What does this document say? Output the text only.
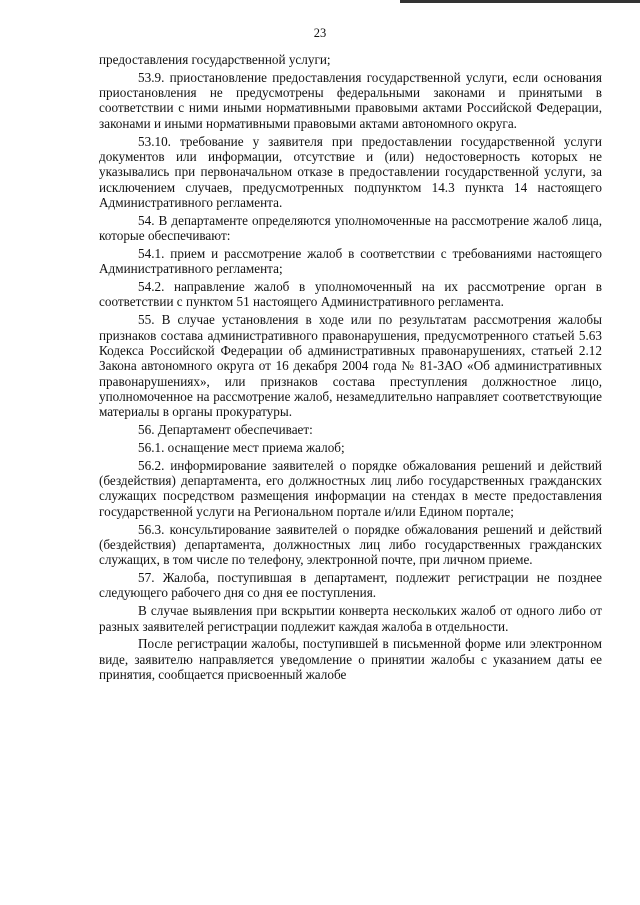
23

предоставления государственной услуги;

53.9. приостановление предоставления государственной услуги, если основания приостановления не предусмотрены федеральными законами и принятыми в соответствии с ними иными нормативными правовыми актами Российской Федерации, законами и иными нормативными правовыми актами автономного округа.

53.10. требование у заявителя при предоставлении государственной услуги документов или информации, отсутствие и (или) недостоверность которых не указывались при первоначальном отказе в предоставлении государственной услуги, за исключением случаев, предусмотренных подпунктом 14.3 пункта 14 настоящего Административного регламента.

54. В департаменте определяются уполномоченные на рассмотрение жалоб лица, которые обеспечивают:

54.1. прием и рассмотрение жалоб в соответствии с требованиями настоящего Административного регламента;

54.2. направление жалоб в уполномоченный на их рассмотрение орган в соответствии с пунктом 51 настоящего Административного регламента.

55. В случае установления в ходе или по результатам рассмотрения жалобы признаков состава административного правонарушения, предусмотренного статьей 5.63 Кодекса Российской Федерации об административных правонарушениях, статьей 2.12 Закона автономного округа от 16 декабря 2004 года № 81-ЗАО «Об административных правонарушениях», или признаков состава преступления должностное лицо, уполномоченное на рассмотрение жалоб, незамедлительно направляет соответствующие материалы в органы прокуратуры.

56. Департамент обеспечивает:

56.1. оснащение мест приема жалоб;

56.2. информирование заявителей о порядке обжалования решений и действий (бездействия) департамента, его должностных лиц либо государственных гражданских служащих посредством размещения информации на стендах в месте предоставления государственной услуги на Региональном портале и/или Едином портале;

56.3. консультирование заявителей о порядке обжалования решений и действий (бездействия) департамента, должностных лиц либо государственных гражданских служащих, в том числе по телефону, электронной почте, при личном приеме.

57. Жалоба, поступившая в департамент, подлежит регистрации не позднее следующего рабочего дня со дня ее поступления.

В случае выявления при вскрытии конверта нескольких жалоб от одного либо от разных заявителей регистрации подлежит каждая жалоба в отдельности.

После регистрации жалобы, поступившей в письменной форме или электронном виде, заявителю направляется уведомление о принятии жалобы с указанием даты ее принятия, сообщается присвоенный жалобе
